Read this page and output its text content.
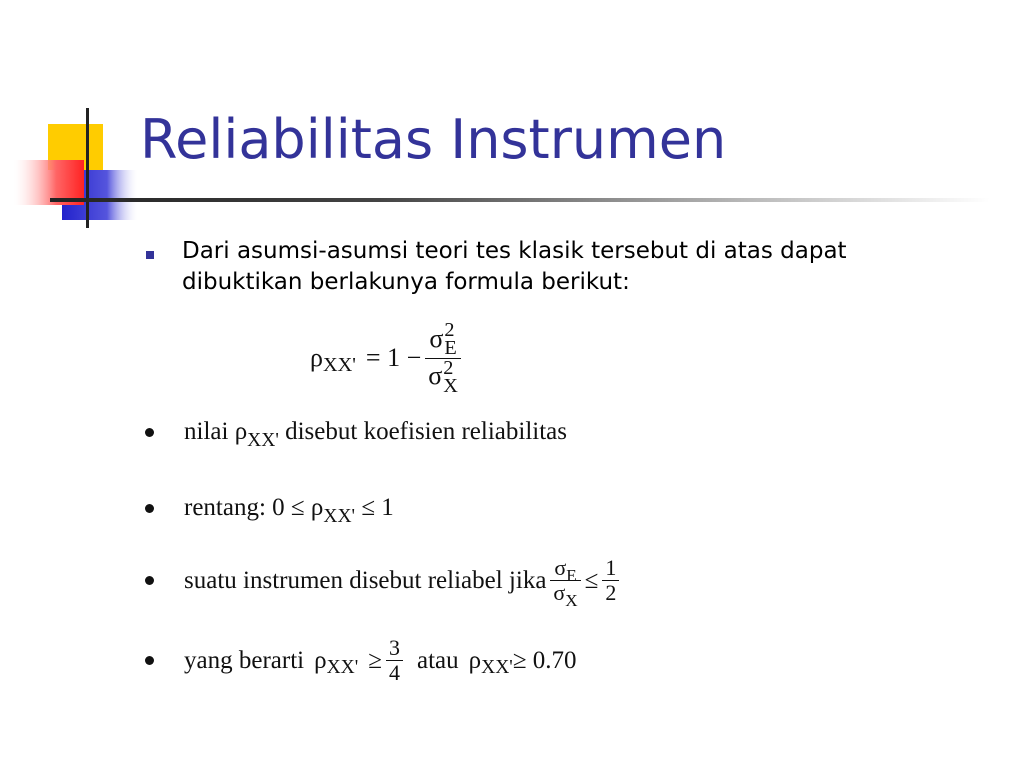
Reliabilitas Instrumen
Dari asumsi-asumsi teori tes klasik tersebut di atas dapat dibuktikan berlakunya formula berikut:
ρ XX' = 1 − σ 2
E
σ 2
X
nilai $\rho_{XX'}$ disebut koefisien reliabilitas
rentang: $0 \le \rho_{XX'} \le 1$
suatu instrumen disebut reliabel jika $\frac{\sigma_E}{\sigma_X} \le \frac{1}{2}$
yang berarti ρ $XX' \ge \frac{3}{4}$ atau ρ XX' ≥ 0.70
